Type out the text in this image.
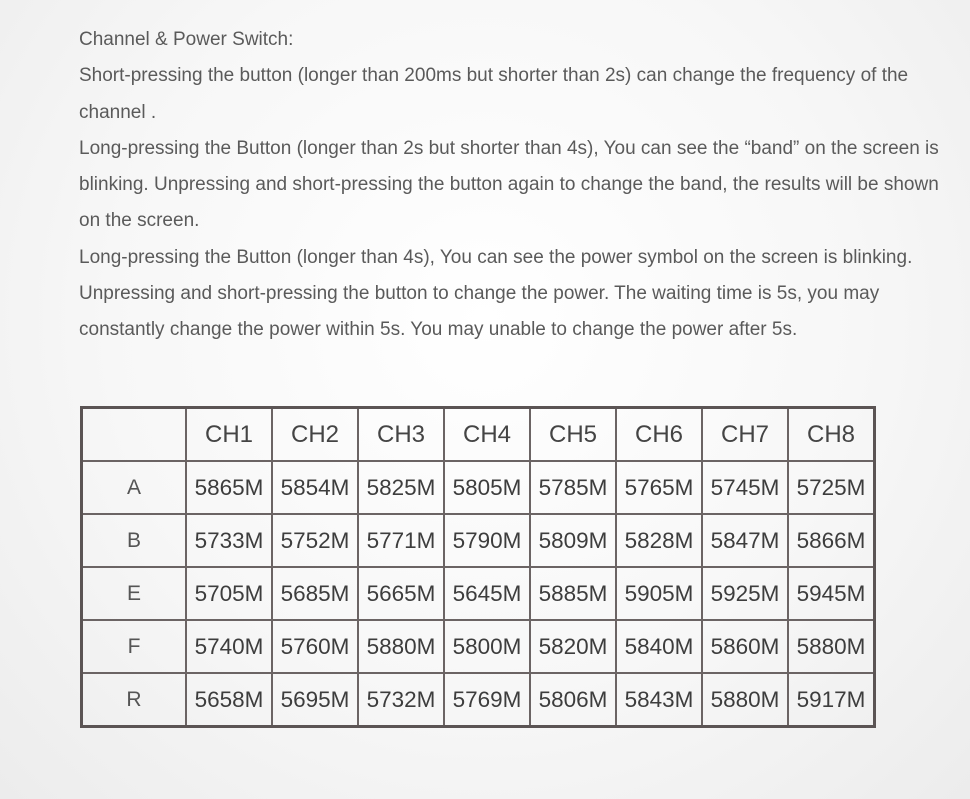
Channel & Power Switch:

Short-pressing the button (longer than 200ms but shorter than 2s) can change the frequency of the channel .

Long-pressing the Button (longer than 2s but shorter than 4s), You can see the “band” on the screen is blinking. Unpressing and short-pressing the button again to change the band, the results will be shown on the screen.

Long-pressing the Button (longer than 4s), You can see the power symbol on the screen is blinking. Unpressing and short-pressing the button to change the power. The waiting time is 5s, you may constantly change the power within 5s. You may unable to change the power after 5s.

	CH1	CH2	CH3	CH4	CH5	CH6	CH7	CH8
A	5865M	5854M	5825M	5805M	5785M	5765M	5745M	5725M
B	5733M	5752M	5771M	5790M	5809M	5828M	5847M	5866M
E	5705M	5685M	5665M	5645M	5885M	5905M	5925M	5945M
F	5740M	5760M	5880M	5800M	5820M	5840M	5860M	5880M
R	5658M	5695M	5732M	5769M	5806M	5843M	5880M	5917M
